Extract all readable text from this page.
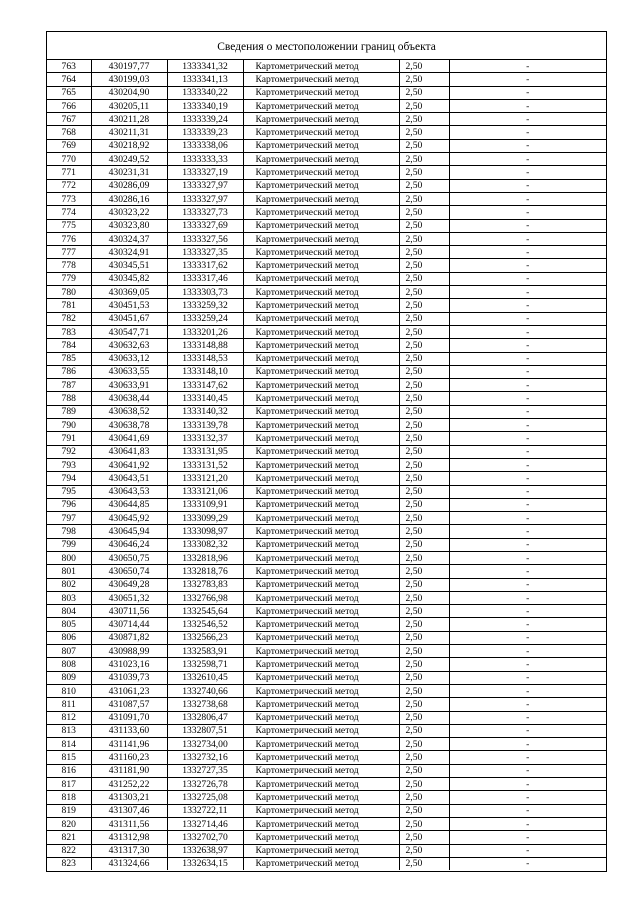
Сведения о местоположении границ объекта
763	430197,77	1333341,32	Картометрический метод	2,50	-
764	430199,03	1333341,13	Картометрический метод	2,50	-
765	430204,90	1333340,22	Картометрический метод	2,50	-
766	430205,11	1333340,19	Картометрический метод	2,50	-
767	430211,28	1333339,24	Картометрический метод	2,50	-
768	430211,31	1333339,23	Картометрический метод	2,50	-
769	430218,92	1333338,06	Картометрический метод	2,50	-
770	430249,52	1333333,33	Картометрический метод	2,50	-
771	430231,31	1333327,19	Картометрический метод	2,50	-
772	430286,09	1333327,97	Картометрический метод	2,50	-
773	430286,16	1333327,97	Картометрический метод	2,50	-
774	430323,22	1333327,73	Картометрический метод	2,50	-
775	430323,80	1333327,69	Картометрический метод	2,50	-
776	430324,37	1333327,56	Картометрический метод	2,50	-
777	430324,91	1333327,35	Картометрический метод	2,50	-
778	430345,51	1333317,62	Картометрический метод	2,50	-
779	430345,82	1333317,46	Картометрический метод	2,50	-
780	430369,05	1333303,73	Картометрический метод	2,50	-
781	430451,53	1333259,32	Картометрический метод	2,50	-
782	430451,67	1333259,24	Картометрический метод	2,50	-
783	430547,71	1333201,26	Картометрический метод	2,50	-
784	430632,63	1333148,88	Картометрический метод	2,50	-
785	430633,12	1333148,53	Картометрический метод	2,50	-
786	430633,55	1333148,10	Картометрический метод	2,50	-
787	430633,91	1333147,62	Картометрический метод	2,50	-
788	430638,44	1333140,45	Картометрический метод	2,50	-
789	430638,52	1333140,32	Картометрический метод	2,50	-
790	430638,78	1333139,78	Картометрический метод	2,50	-
791	430641,69	1333132,37	Картометрический метод	2,50	-
792	430641,83	1333131,95	Картометрический метод	2,50	-
793	430641,92	1333131,52	Картометрический метод	2,50	-
794	430643,51	1333121,20	Картометрический метод	2,50	-
795	430643,53	1333121,06	Картометрический метод	2,50	-
796	430644,85	1333109,91	Картометрический метод	2,50	-
797	430645,92	1333099,29	Картометрический метод	2,50	-
798	430645,94	1333098,97	Картометрический метод	2,50	-
799	430646,24	1333082,32	Картометрический метод	2,50	-
800	430650,75	1332818,96	Картометрический метод	2,50	-
801	430650,74	1332818,76	Картометрический метод	2,50	-
802	430649,28	1332783,83	Картометрический метод	2,50	-
803	430651,32	1332766,98	Картометрический метод	2,50	-
804	430711,56	1332545,64	Картометрический метод	2,50	-
805	430714,44	1332546,52	Картометрический метод	2,50	-
806	430871,82	1332566,23	Картометрический метод	2,50	-
807	430988,99	1332583,91	Картометрический метод	2,50	-
808	431023,16	1332598,71	Картометрический метод	2,50	-
809	431039,73	1332610,45	Картометрический метод	2,50	-
810	431061,23	1332740,66	Картометрический метод	2,50	-
811	431087,57	1332738,68	Картометрический метод	2,50	-
812	431091,70	1332806,47	Картометрический метод	2,50	-
813	431133,60	1332807,51	Картометрический метод	2,50	-
814	431141,96	1332734,00	Картометрический метод	2,50	-
815	431160,23	1332732,16	Картометрический метод	2,50	-
816	431181,90	1332727,35	Картометрический метод	2,50	-
817	431252,22	1332726,78	Картометрический метод	2,50	-
818	431303,21	1332725,08	Картометрический метод	2,50	-
819	431307,46	1332722,11	Картометрический метод	2,50	-
820	431311,56	1332714,46	Картометрический метод	2,50	-
821	431312,98	1332702,70	Картометрический метод	2,50	-
822	431317,30	1332638,97	Картометрический метод	2,50	-
823	431324,66	1332634,15	Картометрический метод	2,50	-
